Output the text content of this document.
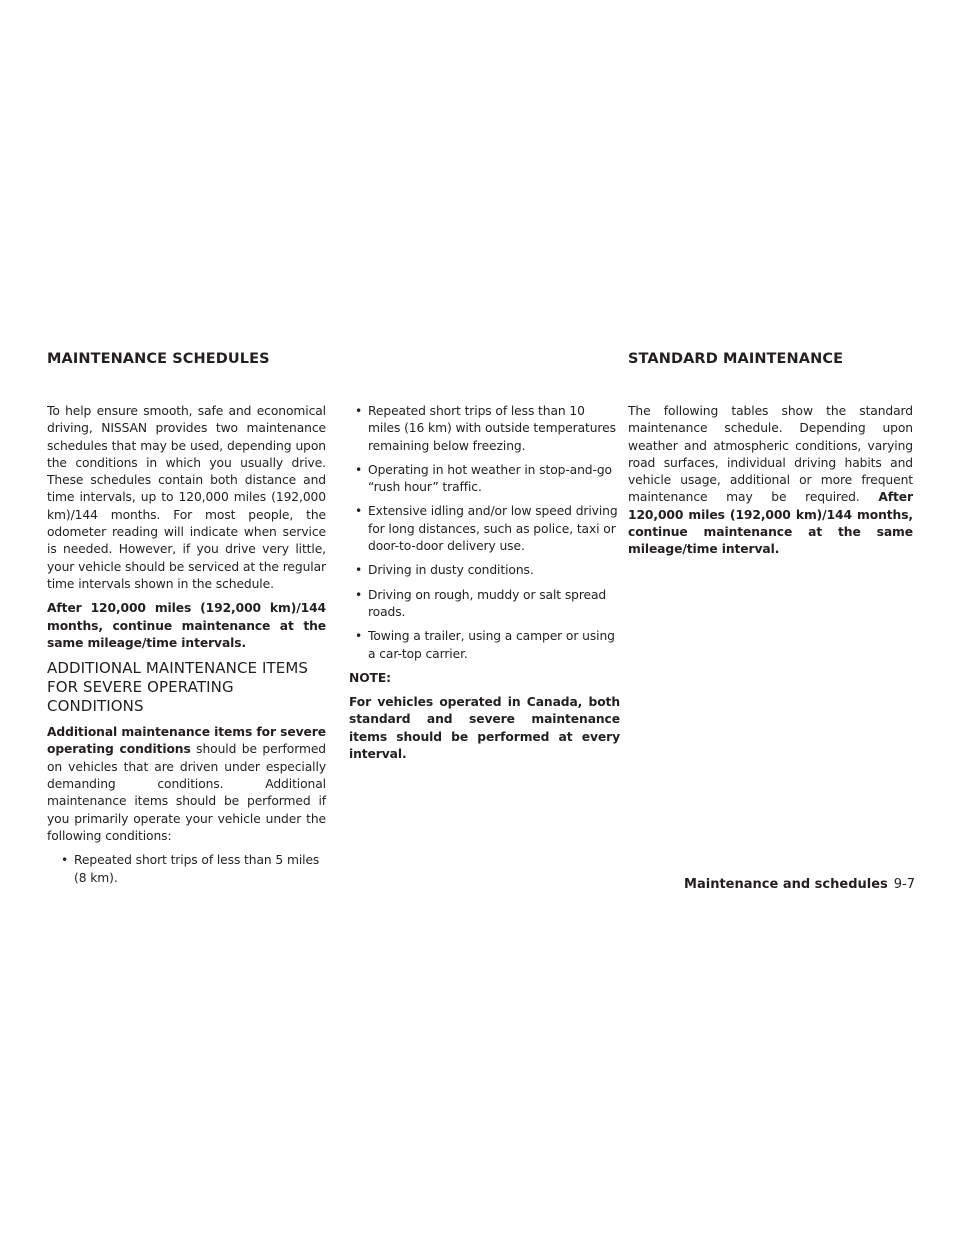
MAINTENANCE SCHEDULES	STANDARD MAINTENANCE

To help ensure smooth, safe and economical driving, NISSAN provides two maintenance schedules that may be used, depending upon the conditions in which you usually drive. These schedules contain both distance and time intervals, up to 120,000 miles (192,000 km)/144 months. For most people, the odometer reading will indicate when service is needed. However, if you drive very little, your vehicle should be serviced at the regular time intervals shown in the schedule.

After 120,000 miles (192,000 km)/144 months, continue maintenance at the same mileage/time intervals.

ADDITIONAL MAINTENANCE ITEMS FOR SEVERE OPERATING CONDITIONS

Additional maintenance items for severe operating conditions should be performed on vehicles that are driven under especially demanding conditions. Additional maintenance items should be performed if you primarily operate your vehicle under the following conditions:

• Repeated short trips of less than 5 miles (8 km).
• Repeated short trips of less than 10 miles (16 km) with outside temperatures remaining below freezing.
• Operating in hot weather in stop-and-go “rush hour” traffic.
• Extensive idling and/or low speed driving for long distances, such as police, taxi or door-to-door delivery use.
• Driving in dusty conditions.
• Driving on rough, muddy or salt spread roads.
• Towing a trailer, using a camper or using a car-top carrier.

NOTE:

For vehicles operated in Canada, both standard and severe maintenance items should be performed at every interval.

The following tables show the standard maintenance schedule. Depending upon weather and atmospheric conditions, varying road surfaces, individual driving habits and vehicle usage, additional or more frequent maintenance may be required. After 120,000 miles (192,000 km)/144 months, continue maintenance at the same mileage/time interval.

Maintenance and schedules 9-7
